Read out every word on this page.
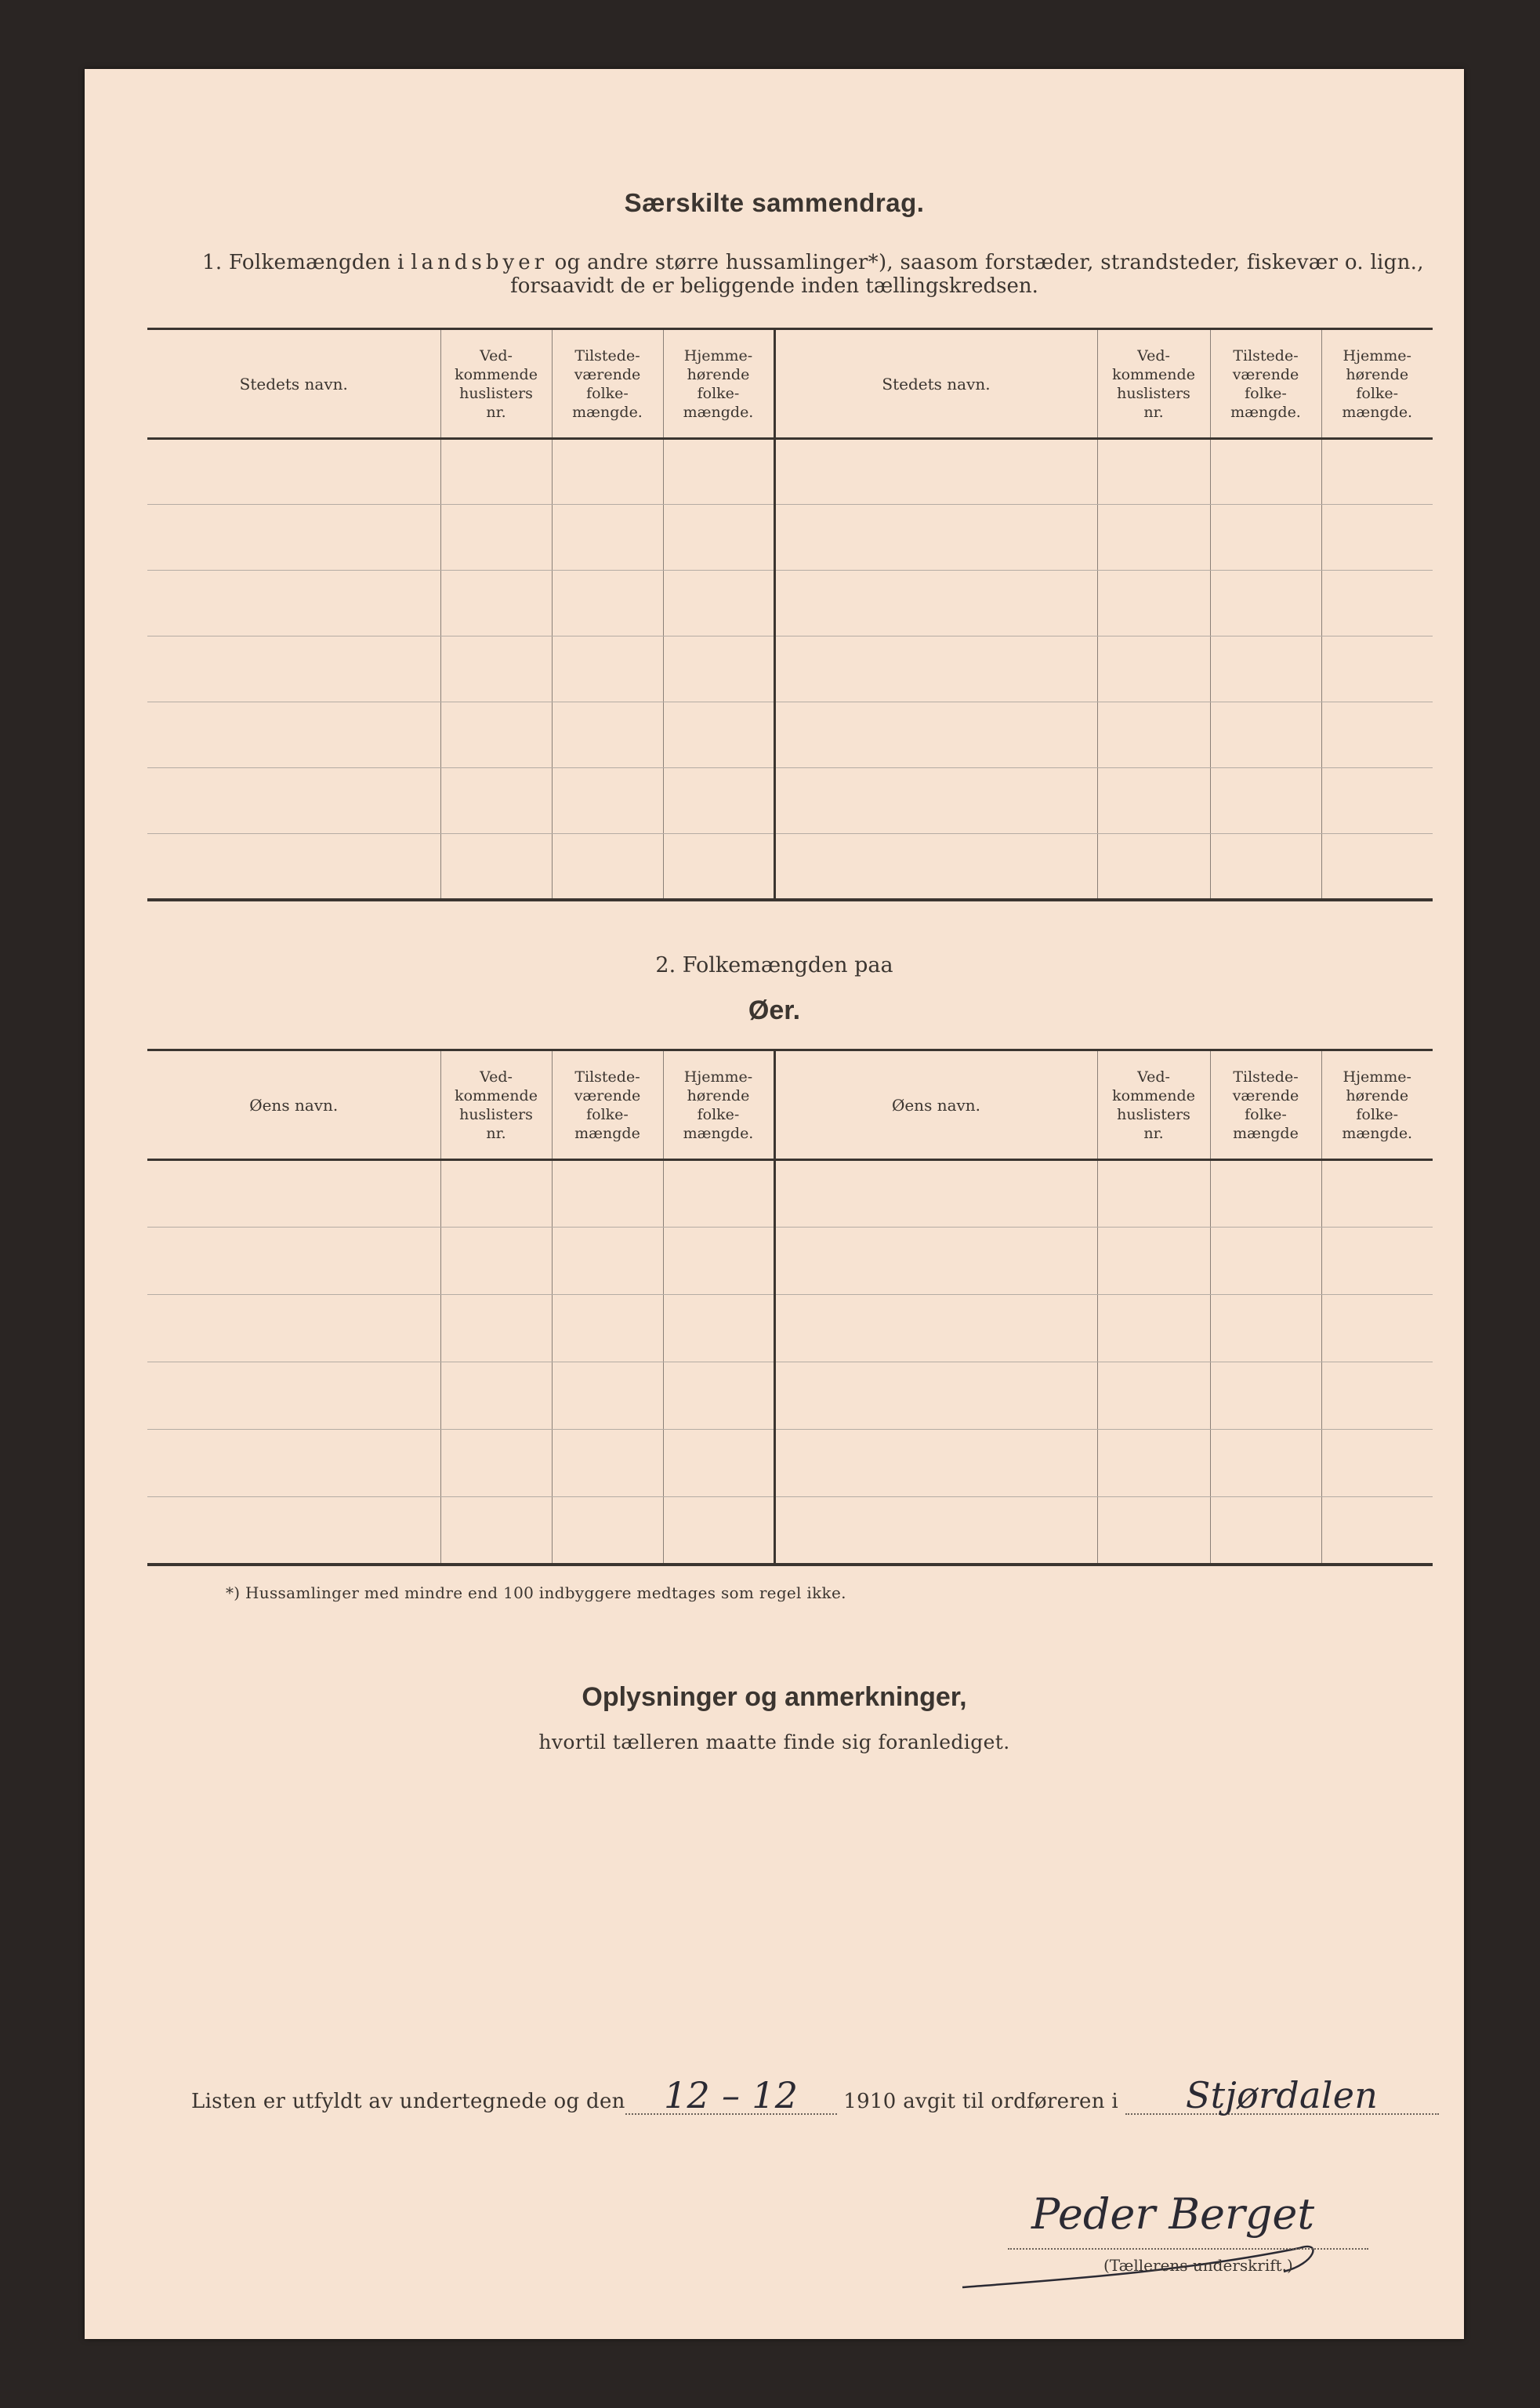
Særskilte sammendrag.
1. Folkemængden i landsbyer og andre større hussamlinger*), saasom forstæder, strandsteder, fiskevær o. lign.,
forsaavidt de er beliggende inden tællingskredsen.
Stedets navn.	Ved-
kommende
huslisters
nr.	Tilstede-
værende
folke-
mængde.	Hjemme-
hørende
folke-
mængde.	Stedets navn.	Ved-
kommende
huslisters
nr.	Tilstede-
værende
folke-
mængde.	Hjemme-
hørende
folke-
mængde.

2. Folkemængden paa
Øer.
Øens navn.	Ved-
kommende
huslisters
nr.	Tilstede-
værende
folke-
mængde	Hjemme-
hørende
folke-
mængde.	Øens navn.	Ved-
kommende
huslisters
nr.	Tilstede-
værende
folke-
mængde	Hjemme-
hørende
folke-
mængde.

*) Hussamlinger med mindre end 100 indbyggere medtages som regel ikke.
Oplysninger og anmerkninger,
hvortil tælleren maatte finde sig foranlediget.
Listen er utfyldt av undertegnede og den 12 – 12 1910 avgit til ordføreren i Stjørdalen
Peder Berget
(Tællerens underskrift.)
